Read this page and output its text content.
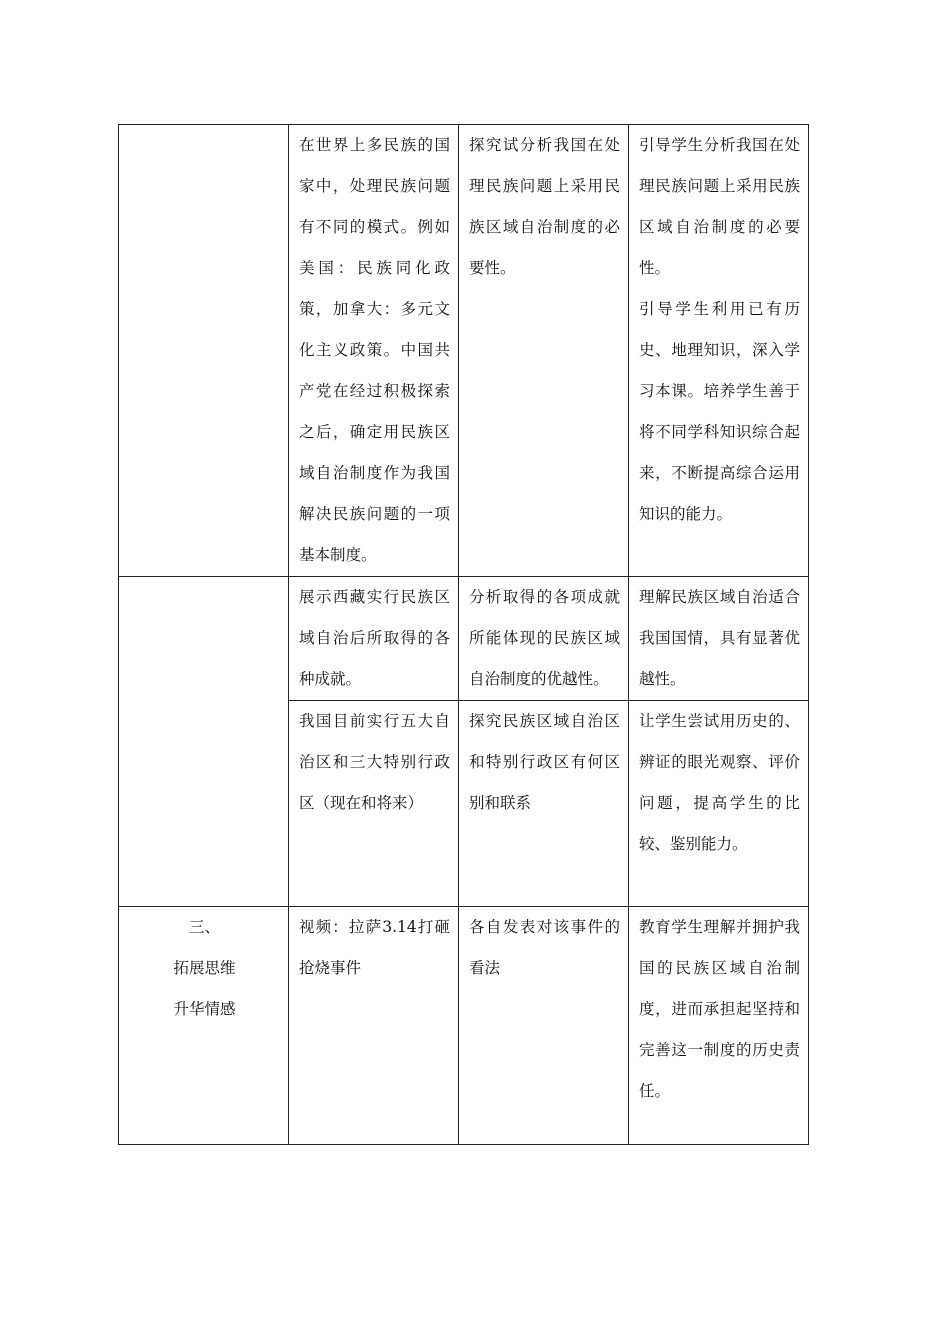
	在世界上多民族的国家中，处理民族问题有不同的模式。例如美国：民族同化政策，加拿大：多元文化主义政策。中国共产党在经过积极探索之后，确定用民族区域自治制度作为我国解决民族问题的一项基本制度。	探究试分析我国在处理民族问题上采用民族区域自治制度的必要性。	引导学生分析我国在处理民族问题上采用民族区域自治制度的必要性。
引导学生利用已有历史、地理知识，深入学习本课。培养学生善于将不同学科知识综合起来，不断提高综合运用知识的能力。

	展示西藏实行民族区域自治后所取得的各种成就。	分析取得的各项成就所能体现的民族区域自治制度的优越性。	理解民族区域自治适合我国国情，具有显著优越性。

	我国目前实行五大自治区和三大特别行政区（现在和将来）	探究民族区域自治区和特别行政区有何区别和联系	让学生尝试用历史的、辨证的眼光观察、评价问题，提高学生的比较、鉴别能力。

三、
拓展思维
升华情感	视频：拉萨3.14打砸抢烧事件	各自发表对该事件的看法	教育学生理解并拥护我国的民族区域自治制度，进而承担起坚持和完善这一制度的历史责任。
